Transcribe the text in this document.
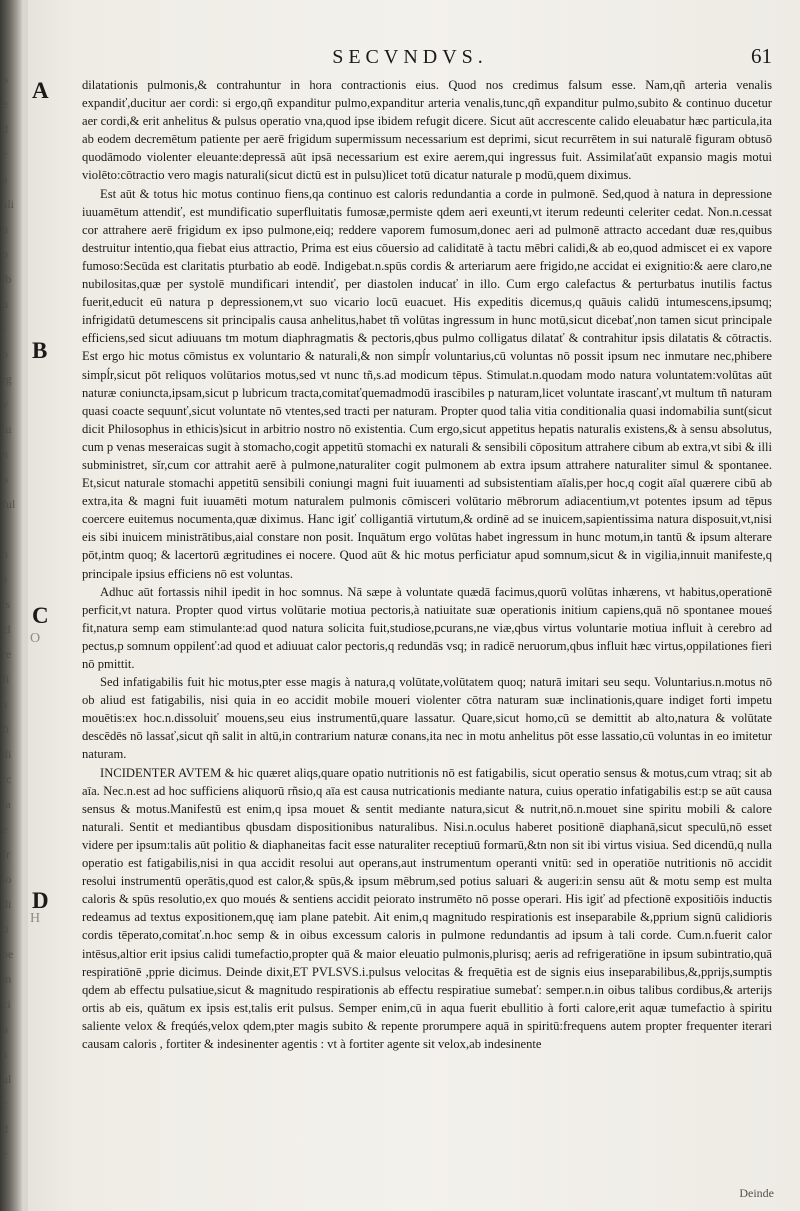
o
e
d
e
a
ali
n
p
ib
u
r
o
rg
y
tu
n
o
ful
i
h
a
is
cl
re
fi
a
fi
di
fc
la
e
fr
lo
di
ti
pe
m
ci
o
a
ul
c
d
e
SECVNDVS.	61
A
B
C
D
O
H

dilatationis pulmonis,& contrahuntur in hora contractionis eius. Quod nos credimus falsum esse. Nam,qñ arteria venalis expandiť,ducitur aer cordi: si ergo,qñ expanditur pulmo,expanditur arteria venalis,tunc,qñ expanditur pulmo,subito & continuo ducetur aer cordi,& erit anhelitus & pulsus operatio vna,quod ipse ibidem refugit dicere. Sicut aūt accrescente calido eleuabatur hæc particula,ita ab eodem decremētum patiente per aerē frigidum supermissum necessarium est deprimi, sicut recurrētem in sui naturalē figuram obtusō quodāmodo violenter eleuante:depressā aūt ipsā necessarium est exire aerem,qui ingressus fuit. Assimilaťaūt expansio magis motui violēto:cōtractio vero magis naturali(sicut dictū est in pulsu)licet totū dicatur naturale p modū,quem diximus.

Est aūt & totus hic motus continuo fiens,qa continuo est caloris redundantia a corde in pulmonē. Sed,quod à natura in depressione iuuamētum attendiť, est mundificatio superfluitatis fumosæ,permiste qdem aeri exeunti,vt iterum redeunti celeriter cedat. Non.n.cessat cor attrahere aerē frigidum ex ipso pulmone,eiq; reddere vaporem fumosum,donec aeri ad pulmonē attracto accedant duæ res,quibus destruitur intentio,qua fiebat eius attractio, Prima est eius cōuersio ad caliditatē à tactu mēbri calidi,& ab eo,quod admiscet ei ex vapore fumoso:Secūda est claritatis pturbatio ab eodē. Indigebat.n.spūs cordis & arteriarum aere frigido,ne accidat ei exignitio:& aere claro,ne nubilositas,quæ per systolē mundificari intendiť, per diastolen inducať in illo. Cum ergo calefactus & perturbatus inutilis factus fuerit,educit eū natura p depressionem,vt suo vicario locū euacuet. His expeditis dicemus,q quāuis calidū intumescens,ipsumq; infrigidatū detumescens sit principalis causa anhelitus,habet tñ volūtas ingressum in hunc motū,sicut dicebať,non tamen sicut principale efficiens,sed sicut adiuuans tm motum diaphragmatis & pectoris,qbus pulmo colligatus dilatať & contrahitur ipsis dilatatis & cōtractis. Est ergo hic motus cōmistus ex voluntario & naturali,& non simpĺr voluntarius,cū voluntas nō possit ipsum nec inmutare nec,phibere simpĺr,sicut pōt reliquos volūtarios motus,sed vt nunc tñ,s.ad modicum tēpus. Stimulat.n.quodam modo natura voluntatem:volūtas aūt naturæ coniuncta,ipsam,sicut p lubricum tracta,comitaťquemadmodū irascibiles p naturam,licet voluntate irascanť,vt multum tñ naturam quasi coacte sequunť,sicut voluntate nō vtentes,sed tracti per naturam. Propter quod talia vitia conditionalia quasi indomabilia sunt(sicut dicit Philosophus in ethicis)sicut in arbitrio nostro nō existentia. Cum ergo,sicut appetitus hepatis naturalis existens,& à sensu absolutus, cum p venas meseraicas sugit à stomacho,cogit appetitū stomachi ex naturali & sensibili cōpositum attrahere cibum ab extra,vt sibi & illi subministret, sĭr,cum cor attrahit aerē à pulmone,naturaliter cogit pulmonem ab extra ipsum attrahere naturaliter simul & spontanee. Et,sicut naturale stomachi appetitū sensibili coniungi magni fuit iuuamenti ad subsistentiam aīalis,per hoc,q cogit aīal quærere cibū ab extra,ita & magni fuit iuuamēti motum naturalem pulmonis cōmisceri volūtario mēbrorum adiacentium,vt potentes ipsum ad tēpus coercere euitemus nocumenta,quæ diximus. Hanc igiť colligantiā virtutum,& ordinē ad se inuicem,sapientissima natura disposuit,vt,nisi eis sibi inuicem ministrātibus,aial constare non posit. Inquātum ergo volūtas habet ingressum in hunc motum,in tantū & ipsum alterare pōt,intm quoq; & lacertorū ægritudines ei nocere. Quod aūt & hic motus perficiatur apud somnum,sicut & in vigilia,innuit manifeste,q principale ipsius efficiens nō est voluntas.

Adhuc aūt fortassis nihil ipedit in hoc somnus. Nā sæpe à voluntate quædā facimus,quorū volūtas inhærens, vt habitus,operationē perficit,vt natura. Propter quod virtus volūtarie motiua pectoris,à natiuitate suæ operationis initium capiens,quā nō spontanee moueś fit,natura semp eam stimulante:ad quod natura solicita fuit,studiose,pcurans,ne viæ,qbus virtus voluntarie motiua influit à cerebro ad pectus,p somnum oppilenť:ad quod et adiuuat calor pectoris,q redundās vsq; in radicē neruorum,qbus influit hæc virtus,oppilationes fieri nō pmittit.

Sed infatigabilis fuit hic motus,pter esse magis à natura,q volūtate,volūtatem quoq; naturā imitari seu sequ. Voluntarius.n.motus nō ob aliud est fatigabilis, nisi quia in eo accidit mobile moueri violenter cōtra naturam suæ inclinationis,quare indiget forti impetu mouētis:ex hoc.n.dissoluiť mouens,seu eius instrumentū,quare lassatur. Quare,sicut homo,cū se demittit ab alto,natura & volūtate descēdēs nō lassať,sicut qñ salit in altū,in contrarium naturæ conans,ita nec in motu anhelitus pōt esse lassatio,cū voluntas in eo imitetur naturam.

INCIDENTER AVTEM & hic quæret aliqs,quare opatio nutritionis nō est fatigabilis, sicut operatio sensus & motus,cum vtraq; sit ab aīa. Nec.n.est ad hoc sufficiens aliquorū rñsio,q aīa est causa nutricationis mediante natura, cuius operatio infatigabilis est:p se aūt causa sensus & motus.Manifestū est enim,q ipsa mouet & sentit mediante natura,sicut & nutrit,nō.n.mouet sine spiritu mobili & calore naturali. Sentit et mediantibus qbusdam dispositionibus naturalibus. Nisi.n.oculus haberet positionē diaphanā,sicut speculū,nō esset videre per ipsum:talis aūt politio & diaphaneitas facit esse naturaliter receptiuū formarū,&tn non sit ibi virtus visiua. Sed dicendū,q nulla operatio est fatigabilis,nisi in qua accidit resolui aut operans,aut instrumentum operanti vnitū: sed in operatiōe nutritionis nō accidit resolui instrumentū operātis,quod est calor,& spūs,& ipsum mēbrum,sed potius saluari & augeri:in sensu aūt & motu semp est multa caloris & spūs resolutio,ex quo moués & sentiens accidit peiorato instrumēto nō posse operari. His igiť ad pfectionē expositiōis inductis redeamus ad textus expositionem,quę iam plane patebit. Ait enim,q magnitudo respirationis est inseparabile &,pprium signū calidioris cordis tēperato,comitať.n.hoc semp & in oibus excessum caloris in pulmone redundantis ad ipsum à tali corde. Cum.n.fuerit calor intēsus,altior erit ipsius calidi tumefactio,propter quā & maior eleuatio pulmonis,plurisq; aeris ad refrigeratiōne in ipsum subintratio,quā respiratiōnē ,pprie dicimus. Deinde dixit,ET PVLSVS.i.pulsus velocitas & frequētia est de signis eius inseparabilibus,&,pprijs,sumptis qdem ab effectu pulsatiue,sicut & magnitudo respirationis ab effectu respiratiue sumebať: semper.n.in oibus talibus cordibus,& arterijs ortis ab eis, quātum ex ipsis est,talis erit pulsus. Semper enim,cū in aqua fuerit ebullitio à forti calore,erit aquæ tumefactio à spiritu saliente velox & freqúés,velox qdem,pter magis subito & repente prorumpere aquā in spiritū:frequens autem propter frequenter iterari causam caloris , fortiter & indesinenter agentis : vt à fortiter agente sit velox,ab indesinente

Deinde
